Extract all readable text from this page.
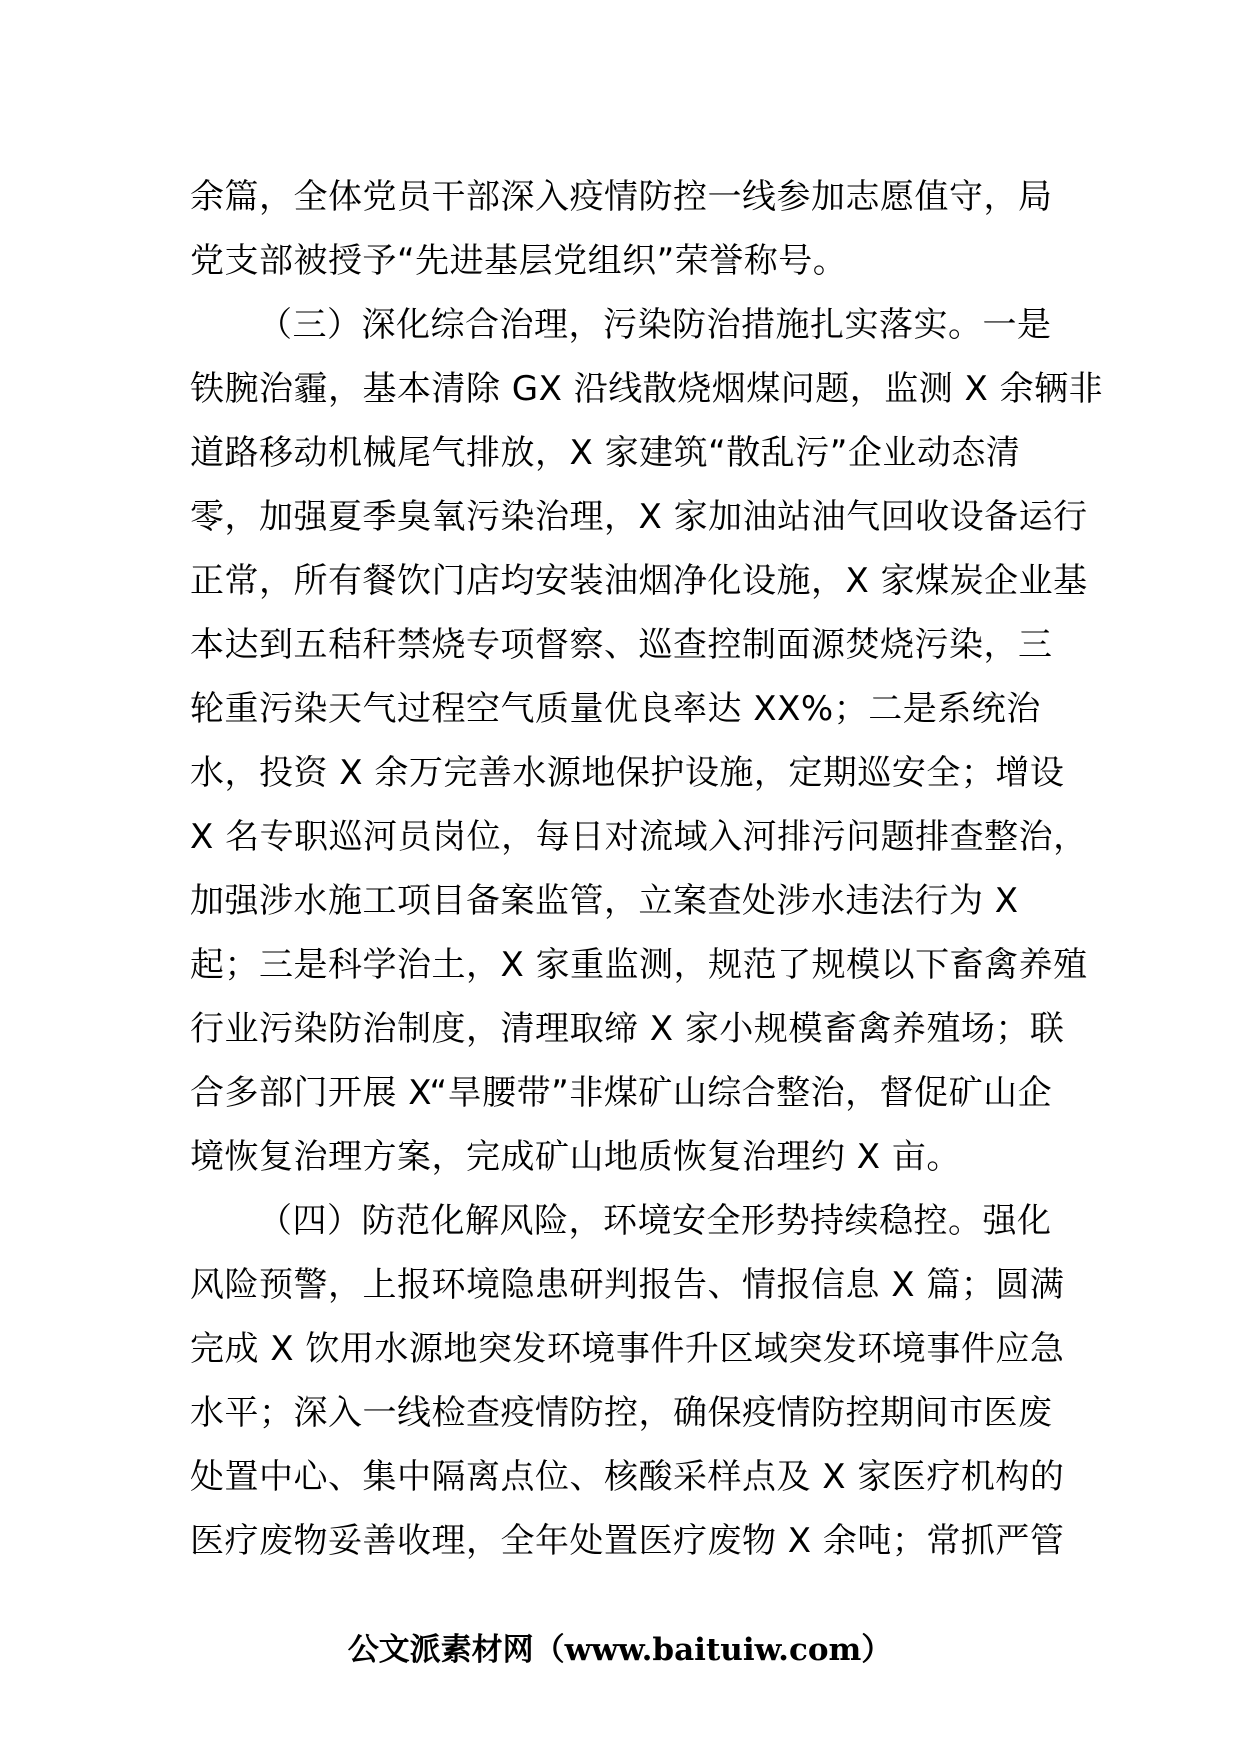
余篇，全体党员干部深入疫情防控一线参加志愿值守，局
党支部被授予“先进基层党组织”荣誉称号。
（三）深化综合治理，污染防治措施扎实落实。一是
铁腕治霾，基本清除 GX 沿线散烧烟煤问题，监测 X 余辆非
道路移动机械尾气排放，X 家建筑“散乱污”企业动态清
零，加强夏季臭氧污染治理，X 家加油站油气回收设备运行
正常，所有餐饮门店均安装油烟净化设施，X 家煤炭企业基
本达到五秸秆禁烧专项督察、巡查控制面源焚烧污染，三
轮重污染天气过程空气质量优良率达 XX%；二是系统治
水，投资 X 余万完善水源地保护设施，定期巡安全；增设
X 名专职巡河员岗位，每日对流域入河排污问题排查整治，
加强涉水施工项目备案监管，立案查处涉水违法行为 X
起；三是科学治土，X 家重监测，规范了规模以下畜禽养殖
行业污染防治制度，清理取缔 X 家小规模畜禽养殖场；联
合多部门开展 X“旱腰带”非煤矿山综合整治，督促矿山企
境恢复治理方案，完成矿山地质恢复治理约 X 亩。
（四）防范化解风险，环境安全形势持续稳控。强化
风险预警，上报环境隐患研判报告、情报信息 X 篇；圆满
完成 X 饮用水源地突发环境事件升区域突发环境事件应急
水平；深入一线检查疫情防控，确保疫情防控期间市医废
处置中心、集中隔离点位、核酸采样点及 X 家医疗机构的
医疗废物妥善收理，全年处置医疗废物 X 余吨；常抓严管
公文派素材网（www.baituiw.com）
